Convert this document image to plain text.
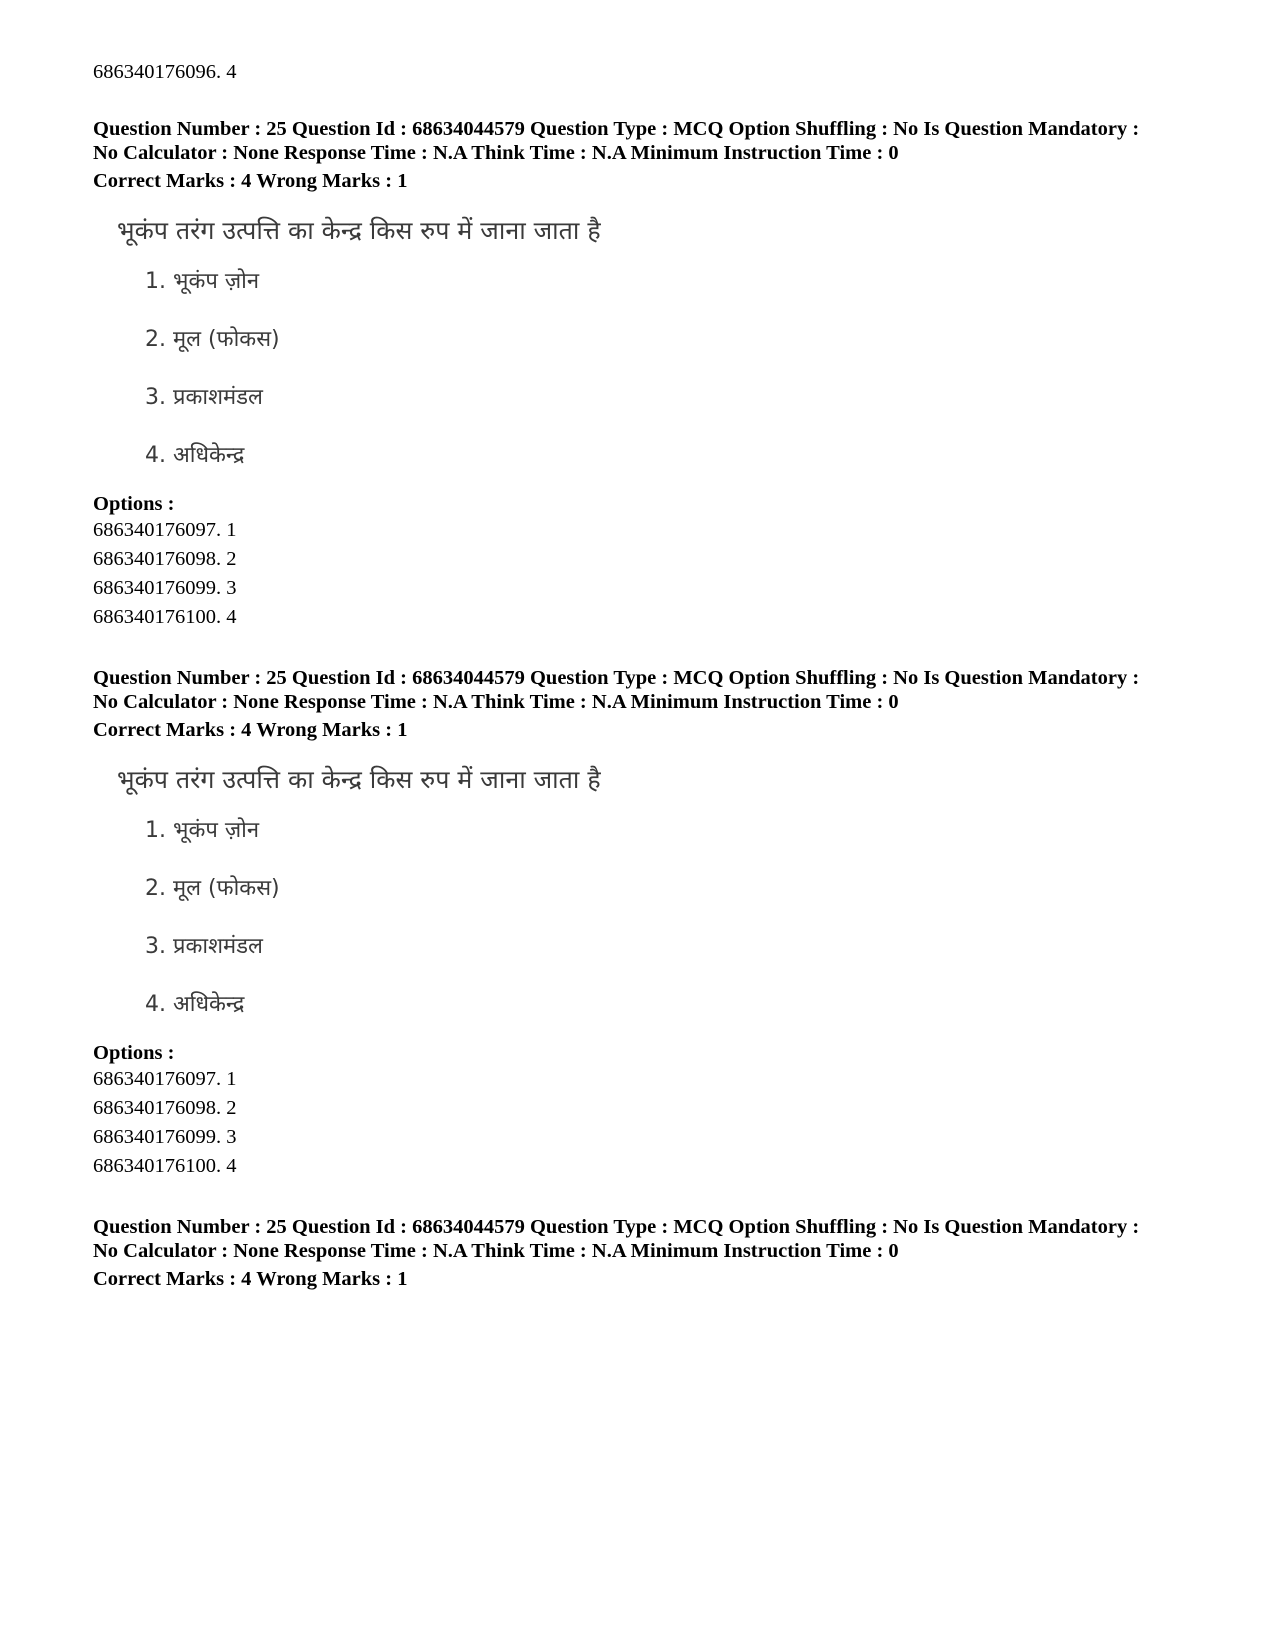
686340176096. 4
Question Number : 25 Question Id : 68634044579 Question Type : MCQ Option Shuffling : No Is Question Mandatory :
No Calculator : None Response Time : N.A Think Time : N.A Minimum Instruction Time : 0
Correct Marks : 4 Wrong Marks : 1
भूकंप तरंग उत्पत्ति का केन्द्र किस रुप में जाना जाता है
1. भूकंप ज़ोन
2. मूल (फोकस)
3. प्रकाशमंडल
4. अधिकेन्द्र
Options :
686340176097. 1
686340176098. 2
686340176099. 3
686340176100. 4
Question Number : 25 Question Id : 68634044579 Question Type : MCQ Option Shuffling : No Is Question Mandatory :
No Calculator : None Response Time : N.A Think Time : N.A Minimum Instruction Time : 0
Correct Marks : 4 Wrong Marks : 1
भूकंप तरंग उत्पत्ति का केन्द्र किस रुप में जाना जाता है
1. भूकंप ज़ोन
2. मूल (फोकस)
3. प्रकाशमंडल
4. अधिकेन्द्र
Options :
686340176097. 1
686340176098. 2
686340176099. 3
686340176100. 4
Question Number : 25 Question Id : 68634044579 Question Type : MCQ Option Shuffling : No Is Question Mandatory :
No Calculator : None Response Time : N.A Think Time : N.A Minimum Instruction Time : 0
Correct Marks : 4 Wrong Marks : 1
